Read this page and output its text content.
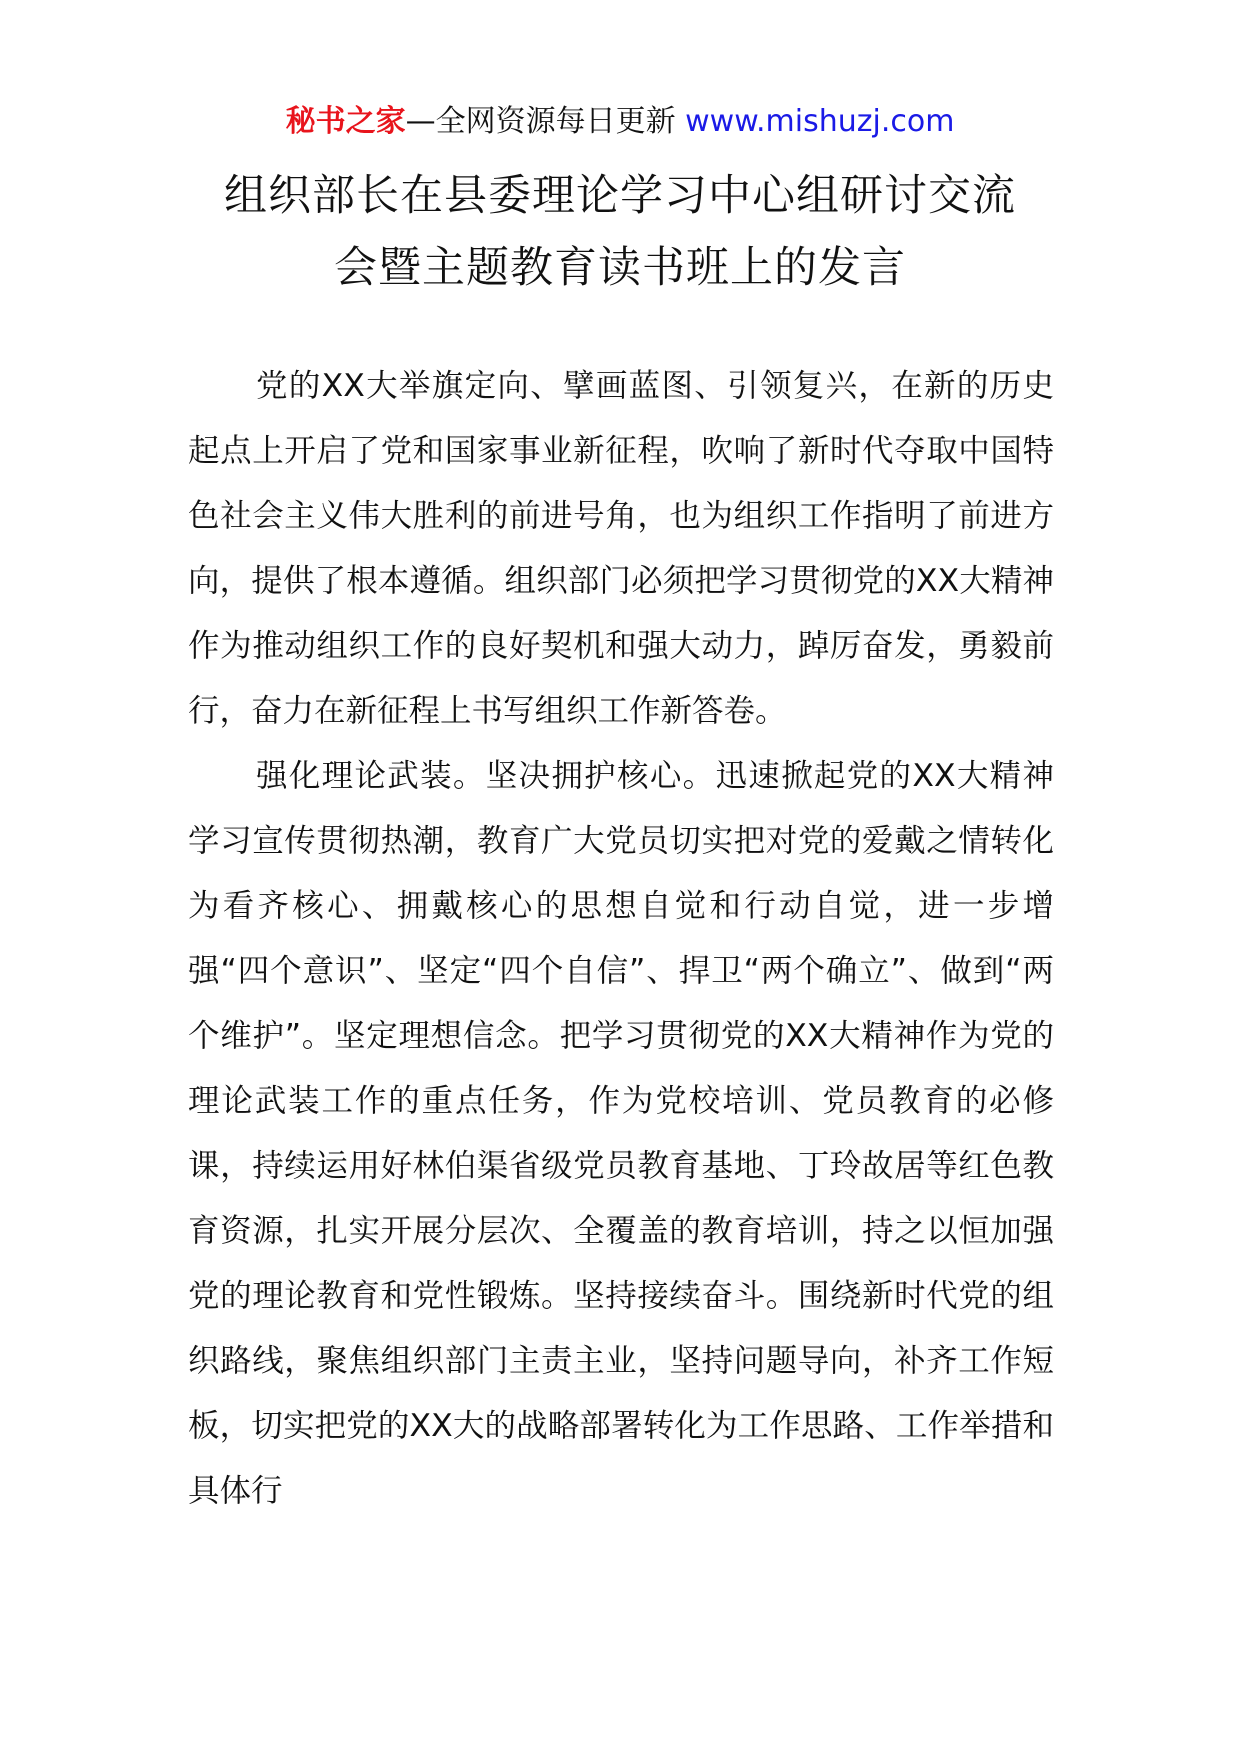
秘书之家—全网资源每日更新 www.mishuzj.com
组织部长在县委理论学习中心组研讨交流
会暨主题教育读书班上的发言

党的XX大举旗定向、擘画蓝图、引领复兴，在新的历史起点上开启了党和国家事业新征程，吹响了新时代夺取中国特色社会主义伟大胜利的前进号角，也为组织工作指明了前进方向，提供了根本遵循。组织部门必须把学习贯彻党的XX大精神作为推动组织工作的良好契机和强大动力，踔厉奋发，勇毅前行，奋力在新征程上书写组织工作新答卷。

强化理论武装。坚决拥护核心。迅速掀起党的XX大精神学习宣传贯彻热潮，教育广大党员切实把对党的爱戴之情转化为看齐核心、拥戴核心的思想自觉和行动自觉，进一步增强“四个意识”、坚定“四个自信”、捍卫“两个确立”、做到“两个维护”。坚定理想信念。把学习贯彻党的XX大精神作为党的理论武装工作的重点任务，作为党校培训、党员教育的必修课，持续运用好林伯渠省级党员教育基地、丁玲故居等红色教育资源，扎实开展分层次、全覆盖的教育培训，持之以恒加强党的理论教育和党性锻炼。坚持接续奋斗。围绕新时代党的组织路线，聚焦组织部门主责主业，坚持问题导向，补齐工作短板，切实把党的XX大的战略部署转化为工作思路、工作举措和具体行
